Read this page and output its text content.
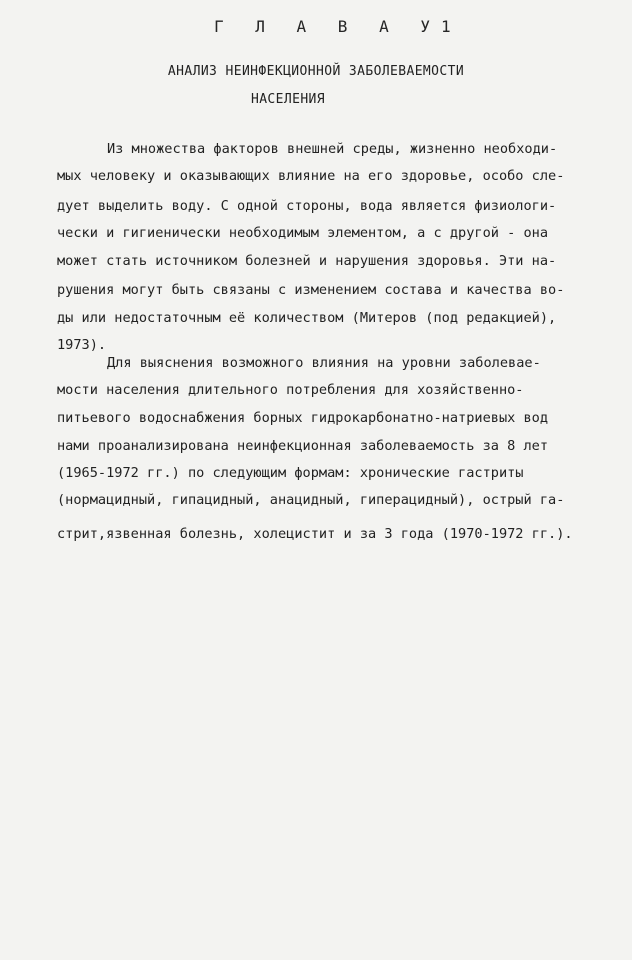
Г Л А В А У1
АНАЛИЗ НЕИНФЕКЦИОННОЙ ЗАБОЛЕВАЕМОСТИ
НАСЕЛЕНИЯ
Из множества факторов внешней среды, жизненно необходи-
мых человеку и оказывающих влияние на его здоровье, особо сле-
дует выделить воду. С одной стороны, вода является физиологи-
чески и гигиенически необходимым элементом, а с другой - она
может стать источником болезней и нарушения здоровья. Эти на-
рушения могут быть связаны с изменением состава и качества во-
ды или недостаточным её количеством (Митеров (под редакцией),
1973).
Для выяснения возможного влияния на уровни заболевае-
мости населения длительного потребления для хозяйственно-
питьевого водоснабжения борных гидрокарбонатно-натриевых вод
нами проанализирована неинфекционная заболеваемость за 8 лет
(1965-1972 гг.) по следующим формам: хронические гастриты
(нормацидный, гипацидный, анацидный, гиперацидный), острый га-
стрит,язвенная болезнь, холецистит и за 3 года (1970-1972 гг.).
